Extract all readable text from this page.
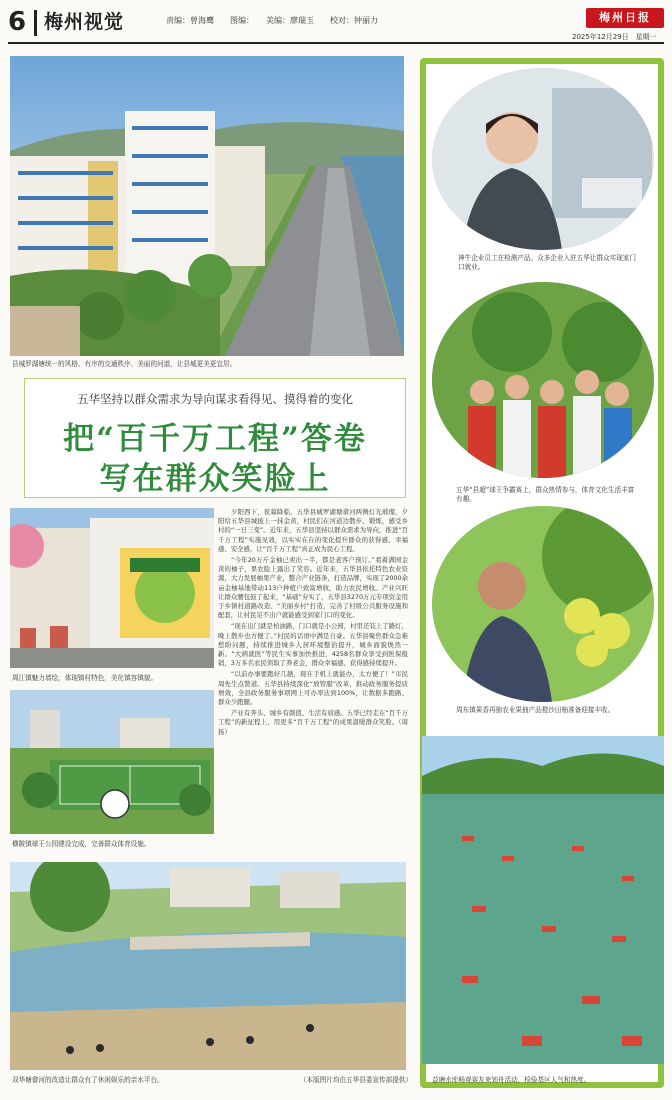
6 梅州视觉	责编：曾海鹰　　图编：　　美编：廖瑞玉　　校对：钟丽力	梅州日报
2025年12月29日　星期一
县城罗湖塘统一的风格、有序的交通秩序、美丽的河道，让县城更美更宜居。
五华坚持以群众需求为导向谋求看得见、摸得着的变化
把“百千万工程”答卷
写在群众笑脸上
周江镇魅力墙绘，体现镇村特色，美化镇容镇貌。
横陂镇球王公园建设完成，完善群众体育设施。

夕阳西下，夜幕降临，五华县城罗湖塘畲河两侧灯光璀璨，夕阳给五华县城披上一抹金黄，村民们在河道边散步、锻炼，感受乡村的“一日三变”。近年来，五华县坚持以群众需求为导向，推进“百千万工程”实施见效，以实实在在的变化提升群众的获得感、幸福感、安全感，让“百千万工程”真正成为民心工程。

“今年20万斤金柚已卖出一半，都是老客户预订。”看着满园金黄的柚子，果农脸上露出了笑容。近年来，五华县依托特色农业资源，大力发展柚果产业，整合产业链条，打造品牌，实现了2000余亩金柚基地带动113户种植户致富增收，助力农民增收。产业兴旺让群众腰包鼓了起来，“基础”夯实了，五华县3270万元专项资金用于乡镇村道路改造、“美丽乡村”打造，完善了村级公共服务设施和配套，让村民足不出户就能感受到家门口的变化。

“现在出门就是柏油路，门口就是小公园，村里还装上了路灯，晚上散步也方便了。”村民的话语中满是自豪。五华县聚焦群众急难愁盼问题，持续推进城乡人居环境整治提升，城乡面貌焕然一新。“大病就医”等民生实事加快推进，4258名群众享受到医保报销，3万多名农民领取了养老金，群众幸福感、获得感持续提升。

“以前办事要跑好几趟，现在手机上就能办，太方便了！”市民周先生点赞道。五华县持续深化“放管服”改革，推动政务服务提质增效，全县政务服务事项网上可办率达到100%，让数据多跑路、群众少跑腿。

产业有奔头、城乡有颜值、生活有质感。五华已经走在“百千万工程”的新征程上，用更多“百千万工程”的成果温暖群众笑脸。（周扬）

双华塘畲河的改造让群众有了休闲娱乐的亲水平台。	（本版图片均由五华县委宣传部提供）
神牛企业员工在检测产品。众多企业入驻五华让群众实现家门口就业。
五华“县超”球王争霸赛上，群众热情参与，体育文化生活丰富有趣。
周东镇果香再抽农业果抽产品橙沙田柚准备迎接丰收。
益塘水库畅观赛友来划舟活动，检验基区人气和热度。
